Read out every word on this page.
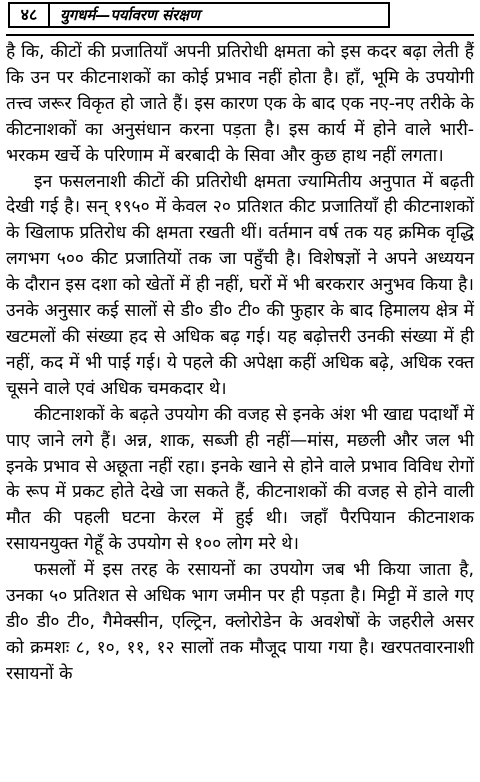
४८	युगधर्म—पर्यावरण संरक्षण

है कि, कीटों की प्रजातियाँ अपनी प्रतिरोधी क्षमता को इस कदर बढ़ा लेती हैं कि उन पर कीटनाशकों का कोई प्रभाव नहीं होता है। हाँ, भूमि के उपयोगी तत्त्व जरूर विकृत हो जाते हैं। इस कारण एक के बाद एक नए-नए तरीके के कीटनाशकों का अनुसंधान करना पड़ता है। इस कार्य में होने वाले भारी-भरकम खर्चे के परिणाम में बरबादी के सिवा और कुछ हाथ नहीं लगता।

इन फसलनाशी कीटों की प्रतिरोधी क्षमता ज्यामितीय अनुपात में बढ़ती देखी गई है। सन् १९५० में केवल २० प्रतिशत कीट प्रजातियाँ ही कीटनाशकों के खिलाफ प्रतिरोध की क्षमता रखती थीं। वर्तमान वर्ष तक यह क्रमिक वृद्धि लगभग ५०० कीट प्रजातियों तक जा पहुँची है। विशेषज्ञों ने अपने अध्ययन के दौरान इस दशा को खेतों में ही नहीं, घरों में भी बरकरार अनुभव किया है। उनके अनुसार कई सालों से डी० डी० टी० की फुहार के बाद हिमालय क्षेत्र में खटमलों की संख्या हद से अधिक बढ़ गई। यह बढ़ोत्तरी उनकी संख्या में ही नहीं, कद में भी पाई गई। ये पहले की अपेक्षा कहीं अधिक बढ़े, अधिक रक्त चूसने वाले एवं अधिक चमकदार थे।

कीटनाशकों के बढ़ते उपयोग की वजह से इनके अंश भी खाद्य पदार्थों में पाए जाने लगे हैं। अन्न, शाक, सब्जी ही नहीं—मांस, मछली और जल भी इनके प्रभाव से अछूता नहीं रहा। इनके खाने से होने वाले प्रभाव विविध रोगों के रूप में प्रकट होते देखे जा सकते हैं, कीटनाशकों की वजह से होने वाली मौत की पहली घटना केरल में हुई थी। जहाँ पैरपियान कीटनाशक रसायनयुक्त गेहूँ के उपयोग से १०० लोग मरे थे।

फसलों में इस तरह के रसायनों का उपयोग जब भी किया जाता है, उनका ५० प्रतिशत से अधिक भाग जमीन पर ही पड़ता है। मिट्टी में डाले गए डी० डी० टी०, गैमेक्सीन, एल्ट्रिन, क्लोरोडेन के अवशेषों के जहरीले असर को क्रमशः ८, १०, ११, १२ सालों तक मौजूद पाया गया है। खरपतवारनाशी रसायनों के
